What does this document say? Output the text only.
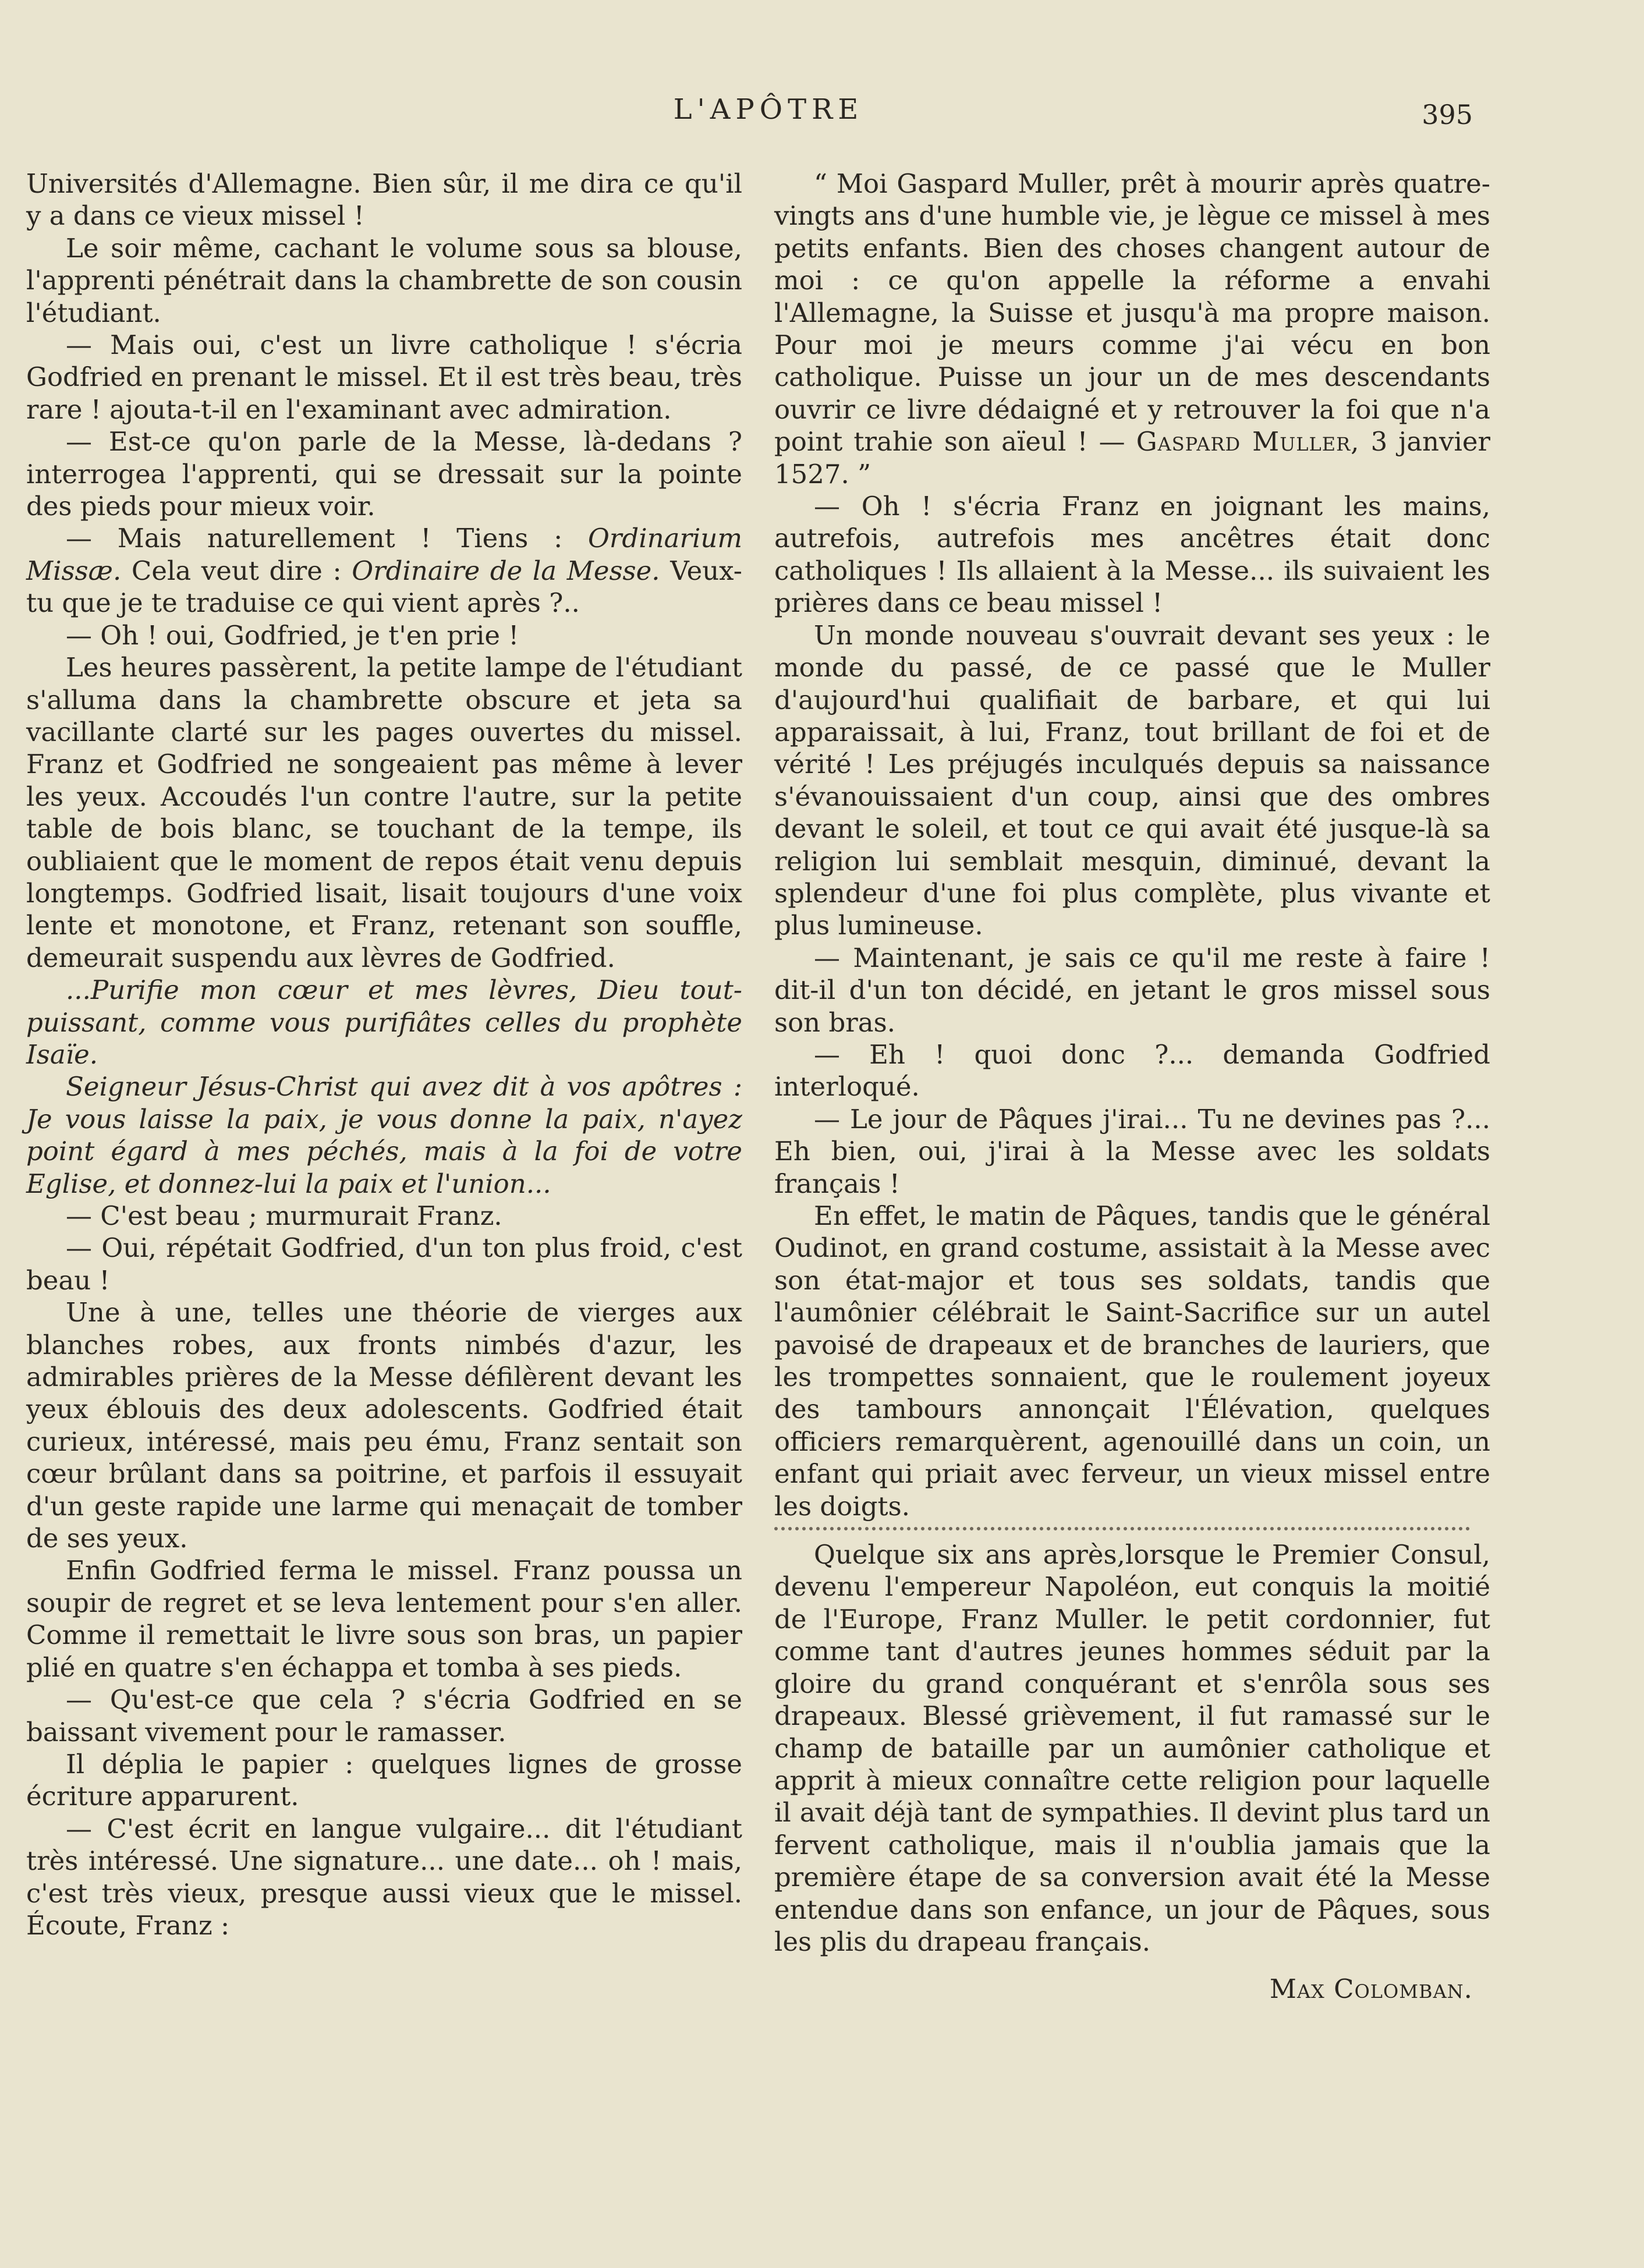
L'APÔTRE	395

Universités d'Allemagne. Bien sûr, il me dira ce qu'il y a dans ce vieux missel !

Le soir même, cachant le volume sous sa blouse, l'apprenti pénétrait dans la chambrette de son cousin l'étudiant.

— Mais oui, c'est un livre catholique ! s'écria Godfried en prenant le missel. Et il est très beau, très rare ! ajouta-t-il en l'examinant avec admiration.

— Est-ce qu'on parle de la Messe, là-dedans ? interrogea l'apprenti, qui se dressait sur la pointe des pieds pour mieux voir.

— Mais naturellement ! Tiens : Ordinarium Missæ. Cela veut dire : Ordinaire de la Messe. Veux-tu que je te traduise ce qui vient après ?..

— Oh ! oui, Godfried, je t'en prie !

Les heures passèrent, la petite lampe de l'étudiant s'alluma dans la chambrette obscure et jeta sa vacillante clarté sur les pages ouvertes du missel. Franz et Godfried ne songeaient pas même à lever les yeux. Accoudés l'un contre l'autre, sur la petite table de bois blanc, se touchant de la tempe, ils oubliaient que le moment de repos était venu depuis longtemps. Godfried lisait, lisait toujours d'une voix lente et monotone, et Franz, retenant son souffle, demeurait suspendu aux lèvres de Godfried.

...Purifie mon cœur et mes lèvres, Dieu tout-puissant, comme vous purifiâtes celles du prophète Isaïe.

Seigneur Jésus-Christ qui avez dit à vos apôtres : Je vous laisse la paix, je vous donne la paix, n'ayez point égard à mes péchés, mais à la foi de votre Eglise, et donnez-lui la paix et l'union...

— C'est beau ; murmurait Franz.

— Oui, répétait Godfried, d'un ton plus froid, c'est beau !

Une à une, telles une théorie de vierges aux blanches robes, aux fronts nimbés d'azur, les admirables prières de la Messe défilèrent devant les yeux éblouis des deux adolescents. Godfried était curieux, intéressé, mais peu ému, Franz sentait son cœur brûlant dans sa poitrine, et parfois il essuyait d'un geste rapide une larme qui menaçait de tomber de ses yeux.

Enfin Godfried ferma le missel. Franz poussa un soupir de regret et se leva lentement pour s'en aller. Comme il remettait le livre sous son bras, un papier plié en quatre s'en échappa et tomba à ses pieds.

— Qu'est-ce que cela ? s'écria Godfried en se baissant vivement pour le ramasser.

Il déplia le papier : quelques lignes de grosse écriture apparurent.

— C'est écrit en langue vulgaire... dit l'étudiant très intéressé. Une signature... une date... oh ! mais, c'est très vieux, presque aussi vieux que le missel. Écoute, Franz :

“ Moi Gaspard Muller, prêt à mourir après quatre-vingts ans d'une humble vie, je lègue ce missel à mes petits enfants. Bien des choses changent autour de moi : ce qu'on appelle la réforme a envahi l'Allemagne, la Suisse et jusqu'à ma propre maison. Pour moi je meurs comme j'ai vécu en bon catholique. Puisse un jour un de mes descendants ouvrir ce livre dédaigné et y retrouver la foi que n'a point trahie son aïeul ! — Gaspard Muller, 3 janvier 1527. ”

— Oh ! s'écria Franz en joignant les mains, autrefois, autrefois mes ancêtres était donc catholiques ! Ils allaient à la Messe... ils suivaient les prières dans ce beau missel !

Un monde nouveau s'ouvrait devant ses yeux : le monde du passé, de ce passé que le Muller d'aujourd'hui qualifiait de barbare, et qui lui apparaissait, à lui, Franz, tout brillant de foi et de vérité ! Les préjugés inculqués depuis sa naissance s'évanouissaient d'un coup, ainsi que des ombres devant le soleil, et tout ce qui avait été jusque-là sa religion lui semblait mesquin, diminué, devant la splendeur d'une foi plus complète, plus vivante et plus lumineuse.

— Maintenant, je sais ce qu'il me reste à faire ! dit-il d'un ton décidé, en jetant le gros missel sous son bras.

— Eh ! quoi donc ?... demanda Godfried interloqué.

— Le jour de Pâques j'irai... Tu ne devines pas ?... Eh bien, oui, j'irai à la Messe avec les soldats français !

En effet, le matin de Pâques, tandis que le général Oudinot, en grand costume, assistait à la Messe avec son état-major et tous ses soldats, tandis que l'aumônier célébrait le Saint-Sacrifice sur un autel pavoisé de drapeaux et de branches de lauriers, que les trompettes sonnaient, que le roulement joyeux des tambours annonçait l'Élévation, quelques officiers remarquèrent, agenouillé dans un coin, un enfant qui priait avec ferveur, un vieux missel entre les doigts.

Quelque six ans après,lorsque le Premier Consul, devenu l'empereur Napoléon, eut conquis la moitié de l'Europe, Franz Muller. le petit cordonnier, fut comme tant d'autres jeunes hommes séduit par la gloire du grand conquérant et s'enrôla sous ses drapeaux. Blessé grièvement, il fut ramassé sur le champ de bataille par un aumônier catholique et apprit à mieux connaître cette religion pour laquelle il avait déjà tant de sympathies. Il devint plus tard un fervent catholique, mais il n'oublia jamais que la première étape de sa conversion avait été la Messe entendue dans son enfance, un jour de Pâques, sous les plis du drapeau français.

Max Colomban.
